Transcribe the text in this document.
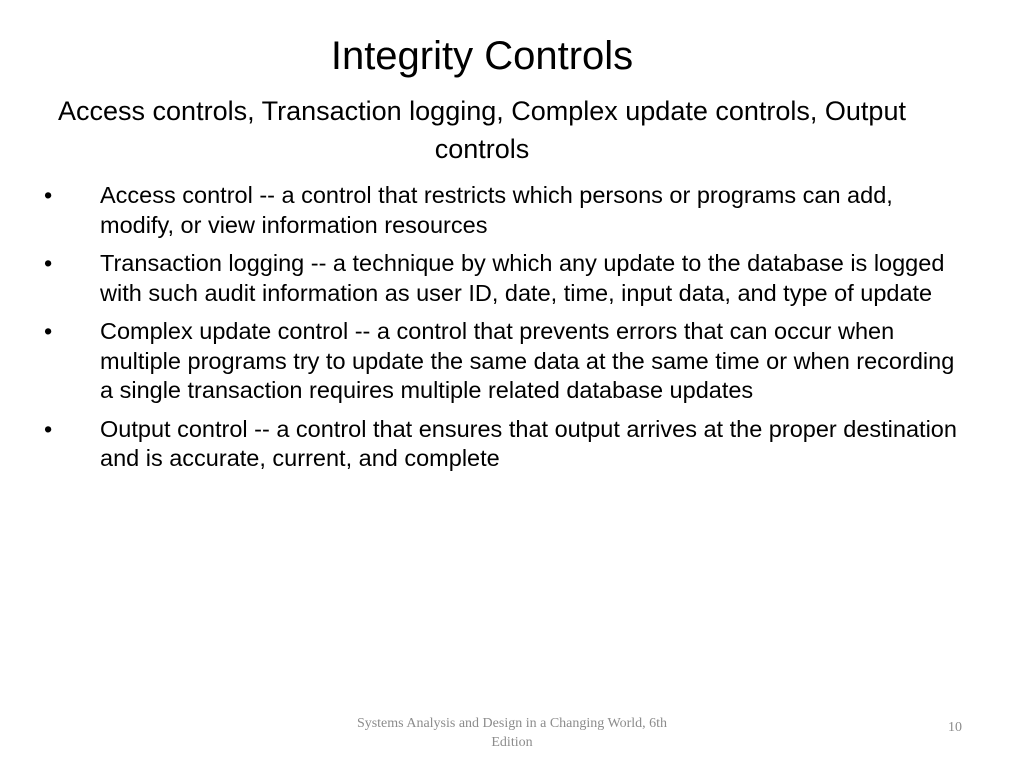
Integrity Controls
Access controls, Transaction logging, Complex update controls, Output controls
•	Access control -- a control that restricts which persons or programs can add, modify, or view information resources
•	Transaction logging -- a technique by which any update to the database is logged with such audit information as user ID, date, time, input data, and type of update
•	Complex update control -- a control that prevents errors that can occur when multiple programs try to update the same data at the same time or when recording a single transaction requires multiple related database updates
•	Output control -- a control that ensures that output arrives at the proper destination and is accurate, current, and complete
Systems Analysis and Design in a Changing World, 6th Edition
10
